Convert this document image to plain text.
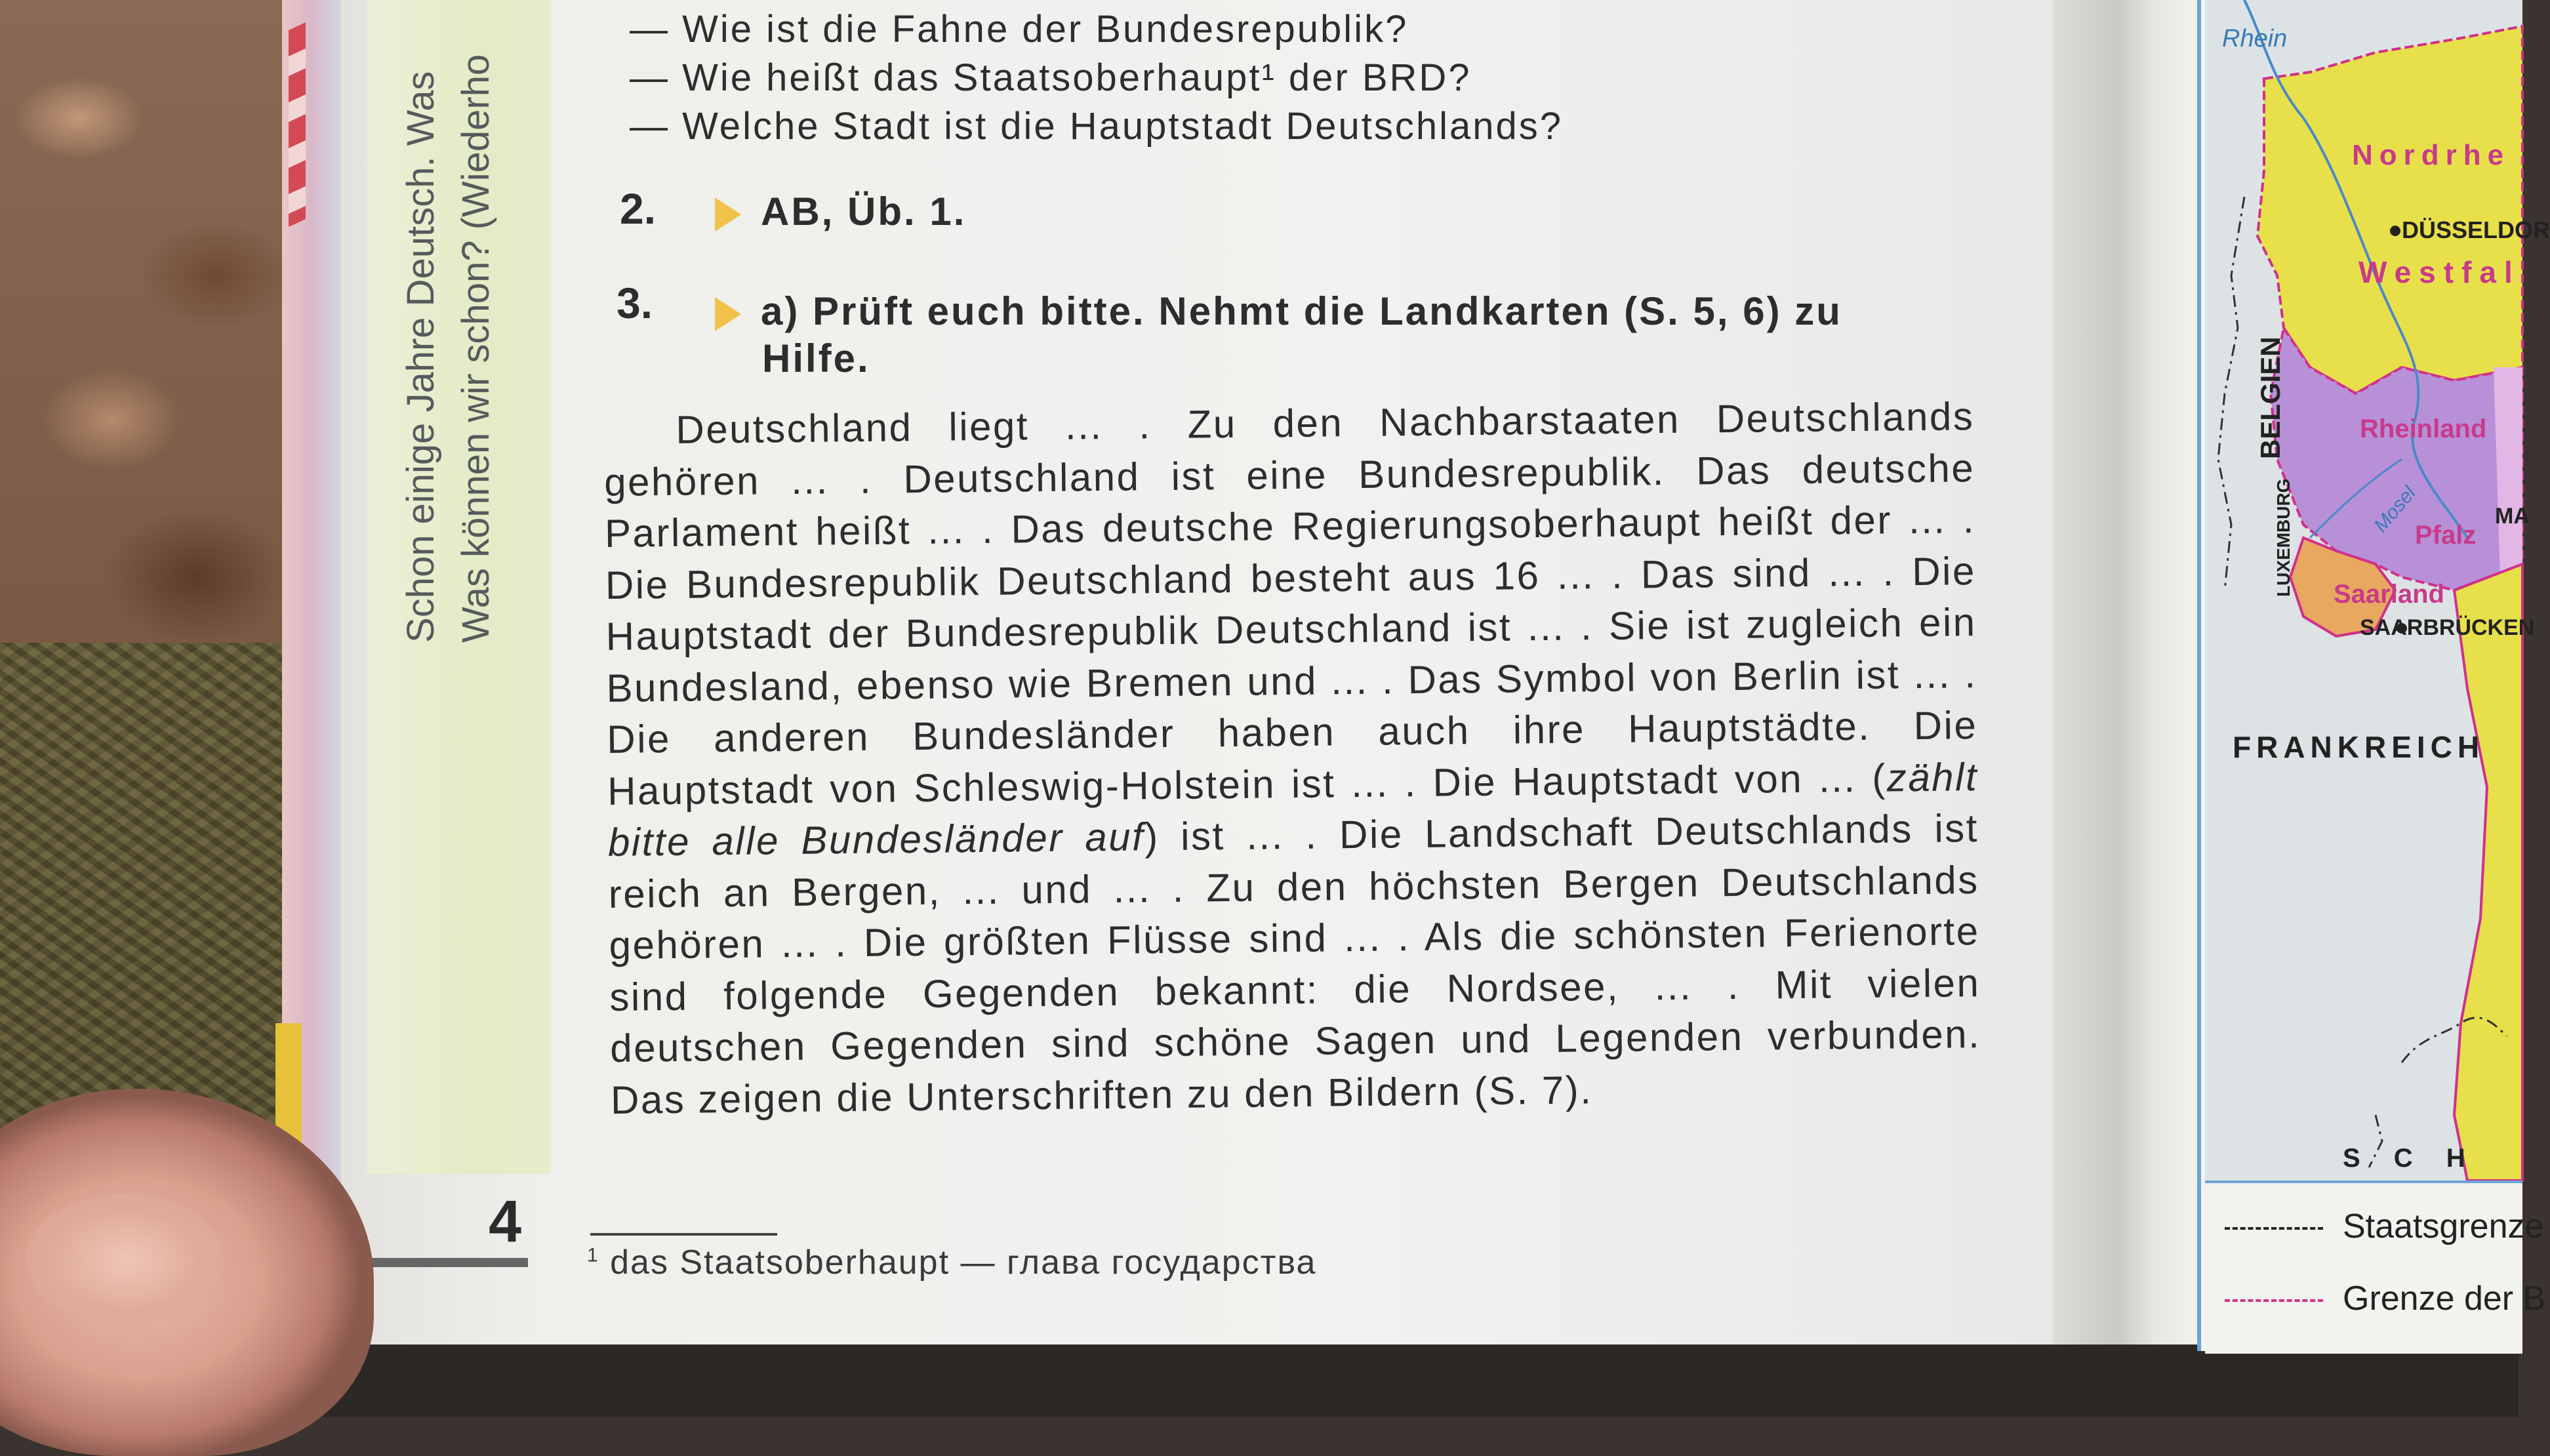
Schon einige Jahre Deutsch. Was Was können wir schon? (Wiederho
— Wie ist die Fahne der Bundesrepublik?
— Wie heißt das Staatsoberhaupt¹ der BRD?
— Welche Stadt ist die Hauptstadt Deutschlands?
2.	AB, Üb. 1.
3.	a) Prüft euch bitte. Nehmt die Landkarten (S. 5, 6) zu
Hilfe.
Deutschland liegt ... . Zu den Nachbarstaaten Deutschlands gehören ... . Deutschland ist eine Bundesrepublik. Das deutsche Parlament heißt ... . Das deutsche Regierungsoberhaupt heißt der ... . Die Bundesrepublik Deutschland besteht aus 16 ... . Das sind ... . Die Hauptstadt der Bundesrepublik Deutschland ist ... . Sie ist zugleich ein Bundesland, ebenso wie Bremen und ... . Das Symbol von Berlin ist ... . Die anderen Bundesländer haben auch ihre Hauptstädte. Die Hauptstadt von Schleswig-Holstein ist ... . Die Hauptstadt von ... (zählt bitte alle Bundesländer auf) ist ... . Die Landschaft Deutschlands ist reich an Bergen, ... und ... . Zu den höchsten Bergen Deutschlands gehören ... . Die größten Flüsse sind ... . Als die schönsten Ferienorte sind folgende Gegenden bekannt: die Nordsee, ... . Mit vielen deutschen Gegenden sind schöne Sagen und Legenden verbunden. Das zeigen die Unterschriften zu den Bildern (S. 7).
4
$^1$ das Staatsoberhaupt — глава государства
Rhein
Nordrhe
DÜSSELDOR
Westfal
BELGIEN
LUXEMBURG
Rheinland
Mosel
Pfalz
MA
Saarland
SAARBRÜCKEN
FRANKREICH
S C H
Staatsgrenze
Grenze der B
